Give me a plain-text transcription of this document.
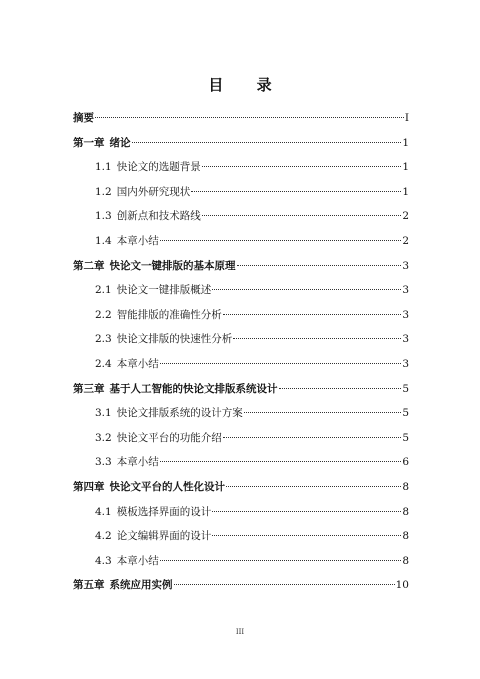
目 录
摘要	I
第一章 绪论	1
1.1 快论文的选题背景	1
1.2 国内外研究现状	1
1.3 创新点和技术路线	2
1.4 本章小结	2
第二章 快论文一键排版的基本原理	3
2.1 快论文一键排版概述	3
2.2 智能排版的准确性分析	3
2.3 快论文排版的快速性分析	3
2.4 本章小结	3
第三章 基于人工智能的快论文排版系统设计	5
3.1 快论文排版系统的设计方案	5
3.2 快论文平台的功能介绍	5
3.3 本章小结	6
第四章 快论文平台的人性化设计	8
4.1 模板选择界面的设计	8
4.2 论文编辑界面的设计	8
4.3 本章小结	8
第五章 系统应用实例	10
III
